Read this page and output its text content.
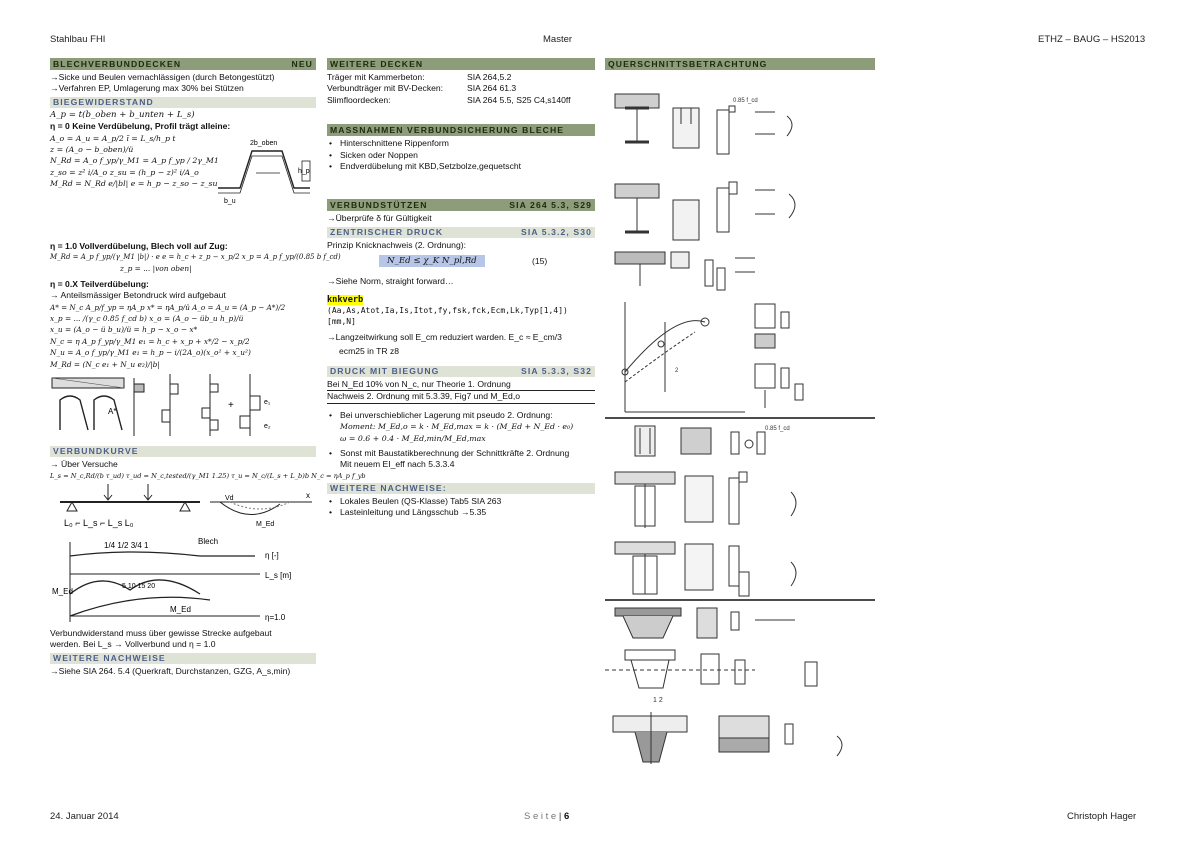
Stahlbau FHI	Master	ETHZ – BAUG – HS2013
BLECHVERBUNDDECKEN	NEU
→Sicke und Beulen vernachlässigen (durch Betongestützt)
→Verfahren EP, Umlagerung max 30% bei Stützen
BIEGEWIDERSTAND
A_p = t(b_oben + b_unten + L_s)
η = 0 Keine Verdübelung, Profil trägt alleine:
A_o = A_u = A_p/2 ĩ = L_s/h_p t
z = (A_o − b_oben)/ü
N_Rd = A_o f_yp/γ_M1 = A_p f_yp / 2γ_M1
z_so = z² i/A_o z_su = (h_p − z)² i/A_o
M_Rd = N_Rd e/|bl| e = h_p − z_so − z_su
2b_oben
b_u
h_p
η = 1.0 Vollverdübelung, Blech voll auf Zug:
M_Rd = A_p f_yp/(γ_M1 |b|) · e e = h_c + z_p − x_p/2 x_p = A_p f_yp/(0.85 b f_cd)
z_p = ... |von oben|
η = 0.X Teilverdübelung:
→ Anteilsmässiger Betondruck wird aufgebaut
A* = N_c A_p/f_yp = ηA_p x* = ηA_p/ü A_o = A_u = (A_p − A*)/2
x_p = ... /(γ_c 0.85 f_cd b) x_o = (A_o − üb_u h_p)/ü
x_u = (A_o − ü b_u)/ü = h_p − x_o − x*
N_c = η A_p f_yp/γ_M1 e₁ = h_c + x_p + x*/2 − x_p/2
N_u = A_o f_yp/γ_M1 e₁ = h_p − i/(2A_o)(x_o² + x_u²)
M_Rd = (N_c e₁ + N_u e₂)/|b|
A*
+	e₁
e₂
VERBUNDKURVE
→ Über Versuche
L_s = N_c,Rd/(b τ_ud) τ_ud = N_c,tested/(γ_M1 1.25) τ_u = N_c/(L_s + L_b)b N_c = ηA_p f_yb
L₀ ⌐ L_s ⌐ L_s L₀
Vd
M_Ed
x

1/4 1/2 3/4 1	Blech
η [-]
L_s [m]
η=1.0
M_Ed
M_Ed
5 10 15 20
Verbundwiderstand muss über gewisse Strecke aufgebaut
werden. Bei L_s → Vollverbund und η = 1.0
WEITERE NACHWEISE
→Siehe SIA 264. 5.4 (Querkraft, Durchstanzen, GZG, A_s,min)
WEITERE DECKEN
Träger mit Kammerbeton:	SIA 264,5.2
Verbundträger mit BV-Decken:	SIA 264 61.3
Slimfloordecken:	SIA 264 5.5, S25 C4,s140ff
MASSNAHMEN VERBUNDSICHERUNG BLECHE
• Hinterschnittene Rippenform
• Sicken oder Noppen
• Endverdübelung mit KBD,Setzbolze,gequetscht
VERBUNDSTÜTZEN	SIA 264 5.3, S29
→Überprüfe δ für Gültigkeit
ZENTRISCHER DRUCK	SIA 5.3.2, S30
Prinzip Knicknachweis (2. Ordnung):
N_Ed ≤ χ_K N_pl,Rd	(15)
→Siehe Norm, straight forward…
knkverb
(Aa,As,Atot,Ia,Is,Itot,fy,fsk,fck,Ecm,Lk,Typ[1,4])
[mm,N]
→Langzeitwirkung soll E_cm reduziert warden. E_c ≈ E_cm/3
ecm25 in TR z8
DRUCK MIT BIEGUNG	SIA 5.3.3, S32
Bei N_Ed 10% von N_c, nur Theorie 1. Ordnung
Nachweis 2. Ordnung mit 5.3.39, Fig7 und M_Ed,o
• Bei unverschieblicher Lagerung mit pseudo 2. Ordnung:
Moment: M_Ed,o = k · M_Ed,max = k · (M_Ed + N_Ed · e₀)
ω = 0.6 + 0.4 · M_Ed,min/M_Ed,max
• Sonst mit Baustatikberechnung der Schnittkräfte 2. Ordnung
Mit neuem EI_eff nach 5.3.3.4
WEITERE NACHWEISE:
• Lokales Beulen (QS-Klasse) Tab5 SIA 263
• Lasteinleitung und Längsschub →5.35
QUERSCHNITTSBETRACHTUNG
0.85 f_cd
2
0.85 f_cd
1 2
24. Januar 2014	S e i t e | 6	Christoph Hager
